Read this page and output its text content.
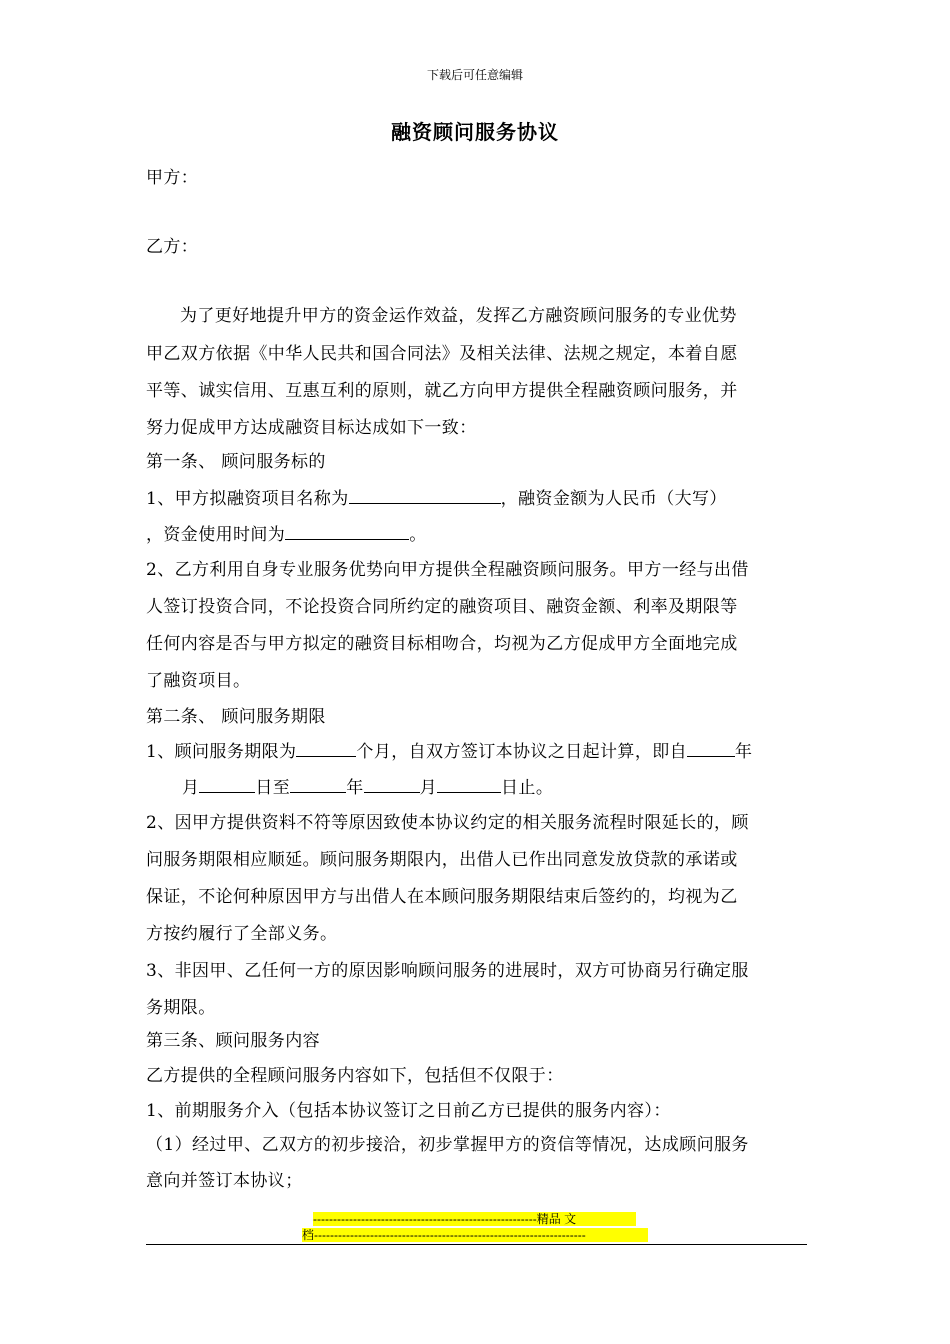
下载后可任意编辑
融资顾问服务协议
甲方：
乙方：
为了更好地提升甲方的资金运作效益，发挥乙方融资顾问服务的专业优势
甲乙双方依据《中华人民共和国合同法》及相关法律、法规之规定，本着自愿
平等、诚实信用、互惠互利的原则，就乙方向甲方提供全程融资顾问服务，并
努力促成甲方达成融资目标达成如下一致：
第一条、 顾问服务标的
1、甲方拟融资项目名称为	，融资金额为人民币（大写）
，资金使用时间为	。
2、乙方利用自身专业服务优势向甲方提供全程融资顾问服务。甲方一经与出借
人签订投资合同，不论投资合同所约定的融资项目、融资金额、利率及期限等
任何内容是否与甲方拟定的融资目标相吻合，均视为乙方促成甲方全面地完成
了融资项目。
第二条、 顾问服务期限
1、顾问服务期限为	个月，自双方签订本协议之日起计算，即自	年
月	日至	年	月	日止。
2、因甲方提供资料不符等原因致使本协议约定的相关服务流程时限延长的，顾
问服务期限相应顺延。顾问服务期限内，出借人已作出同意发放贷款的承诺或
保证，不论何种原因甲方与出借人在本顾问服务期限结束后签约的，均视为乙
方按约履行了全部义务。
3、非因甲、乙任何一方的原因影响顾问服务的进展时，双方可协商另行确定服
务期限。
第三条、顾问服务内容
乙方提供的全程顾问服务内容如下，包括但不仅限于：
1、前期服务介入（包括本协议签订之日前乙方已提供的服务内容）：
（1）经过甲、乙双方的初步接洽，初步掌握甲方的资信等情况，达成顾问服务
意向并签订本协议；
--------------------------------------------------------精品 文
档--------------------------------------------------------------------
